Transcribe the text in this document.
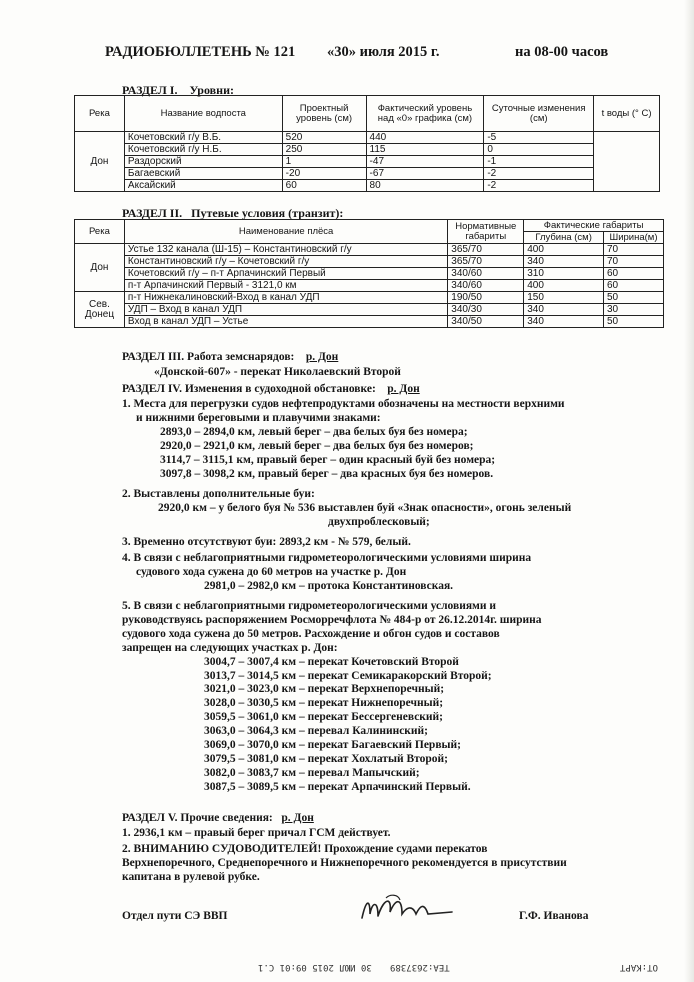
РАДИОБЮЛЛЕТЕНЬ № 121 «30» июля 2015 г.	на 08-00 часов
РАЗДЕЛ I. Уровни:
Река	Название водпоста	Проектный уровень (см)	Фактический уровень над «0» графика (см)	Суточные изменения (см)	t воды (° С)
Дон	Кочетовский г/у В.Б.	520	440	-5	
	Кочетовский г/у Н.Б.	250	115	0	
	Раздорский	1	-47	-1	
	Багаевский	-20	-67	-2	
	Аксайский	60	80	-2	
РАЗДЕЛ II. Путевые условия (транзит):
Река	Наименование плёса	Нормативные габариты	Фактические габариты	
			Глубина (см)	Ширина(м)
Дон	Устье 132 канала (Ш-15) – Константиновский г/у	365/70	400	70
	Константиновский г/у – Кочетовский г/у	365/70	340	70
	Кочетовский г/у – п-т Арпачинский Первый	340/60	310	60
	п-т Арпачинский Первый - 3121,0 км	340/60	400	60
Сев. Донец	п-т Нижнекалиновский-Вход в канал УДП	190/50	150	50
	УДП – Вход в канал УДП	340/30	340	30
	Вход в канал УДП – Устье	340/50	340	50
РАЗДЕЛ III. Работа земснарядов: р. Дон
«Донской-607» - перекат Николаевский Второй
РАЗДЕЛ IV. Изменения в судоходной обстановке: р. Дон
1. Места для перегрузки судов нефтепродуктами обозначены на местности верхними
и нижними береговыми и плавучими знаками:
2893,0 – 2894,0 км, левый берег – два белых буя без номера;
2920,0 – 2921,0 км, левый берег – два белых буя без номеров;
3114,7 – 3115,1 км, правый берег – один красный буй без номера;
3097,8 – 3098,2 км, правый берег – два красных буя без номеров.
2. Выставлены дополнительные буи:
2920,0 км – у белого буя № 536 выставлен буй «Знак опасности», огонь зеленый
двухпроблесковый;
3. Временно отсутствуют буи: 2893,2 км - № 579, белый.
4. В связи с неблагоприятными гидрометеорологическими условиями ширина
судового хода сужена до 60 метров на участке р. Дон
2981,0 – 2982,0 км – протока Константиновская.
5. В связи с неблагоприятными гидрометеорологическими условиями и
руководствуясь распоряжением Росморречфлота № 484-р от 26.12.2014г. ширина
судового хода сужена до 50 метров. Расхождение и обгон судов и составов
запрещен на следующих участках р. Дон:
3004,7 – 3007,4 км – перекат Кочетовский Второй
3013,7 – 3014,5 км – перекат Семикаракорский Второй;
3021,0 – 3023,0 км – перекат Верхнепоречный;
3028,0 – 3030,5 км – перекат Нижнепоречный;
3059,5 – 3061,0 км – перекат Бессергеневский;
3063,0 – 3064,3 км – перевал Калининский;
3069,0 – 3070,0 км – перекат Багаевский Первый;
3079,5 – 3081,0 км – перекат Хохлатый Второй;
3082,0 – 3083,7 км – перевал Мапычский;
3087,5 – 3089,5 км – перекат Арпачинский Первый.
РАЗДЕЛ V. Прочие сведения: р. Дон
1. 2936,1 км – правый берег причал ГСМ действует.
2. ВНИМАНИЮ СУДОВОДИТЕЛЕЙ! Прохождение судами перекатов
Верхнепоречного, Среднепоречного и Нижнепоречного рекомендуется в присутствии
капитана в рулевой рубке.
Отдел пути СЭ ВВП	Г.Ф. Иванова
30 ИЮЛ 2015 09:01 С.1 TEA:2637389	OT:KAPT
